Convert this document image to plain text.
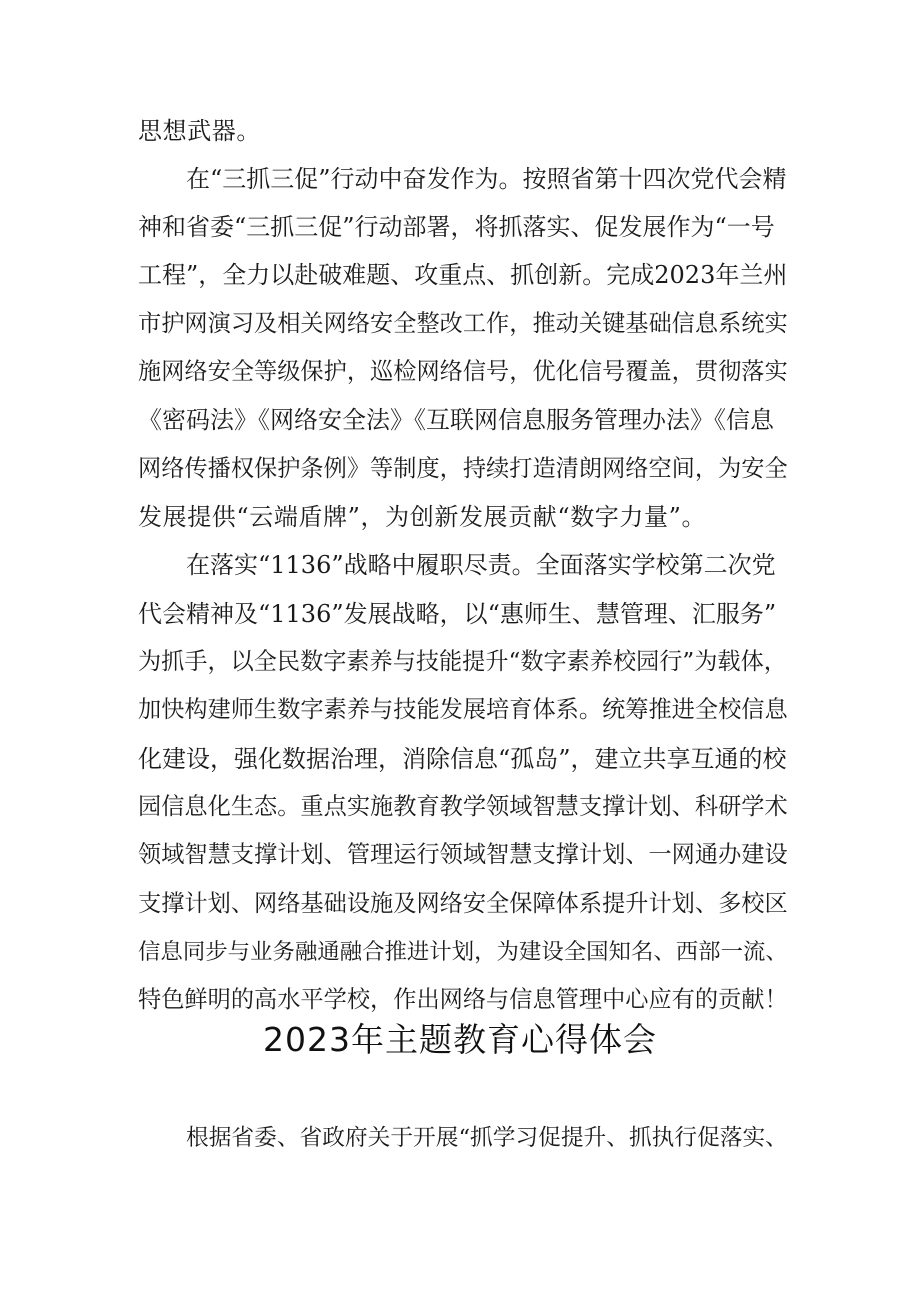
思想武器。
在“三抓三促”行动中奋发作为。按照省第十四次党代会精
神和省委“三抓三促”行动部署，将抓落实、促发展作为“一号
工程”，全力以赴破难题、攻重点、抓创新。完成2023年兰州
市护网演习及相关网络安全整改工作，推动关键基础信息系统实
施网络安全等级保护，巡检网络信号，优化信号覆盖，贯彻落实
《密码法》《网络安全法》《互联网信息服务管理办法》《信息
网络传播权保护条例》等制度，持续打造清朗网络空间，为安全
发展提供“云端盾牌”，为创新发展贡献“数字力量”。
在落实“1136”战略中履职尽责。全面落实学校第二次党
代会精神及“1136”发展战略，以“惠师生、慧管理、汇服务”
为抓手，以全民数字素养与技能提升“数字素养校园行”为载体，
加快构建师生数字素养与技能发展培育体系。统筹推进全校信息
化建设，强化数据治理，消除信息“孤岛”，建立共享互通的校
园信息化生态。重点实施教育教学领域智慧支撑计划、科研学术
领域智慧支撑计划、管理运行领域智慧支撑计划、一网通办建设
支撑计划、网络基础设施及网络安全保障体系提升计划、多校区
信息同步与业务融通融合推进计划，为建设全国知名、西部一流、
特色鲜明的高水平学校，作出网络与信息管理中心应有的贡献！
2023年主题教育心得体会
根据省委、省政府关于开展“抓学习促提升、抓执行促落实、
